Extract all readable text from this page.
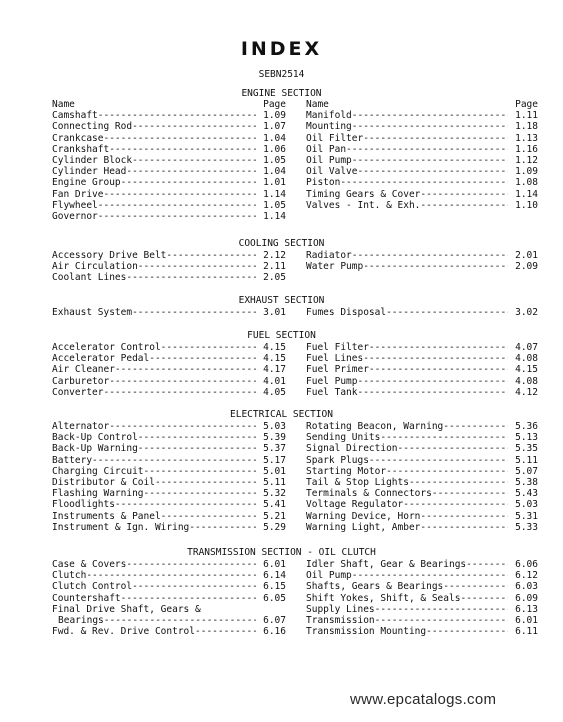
INDEX
SEBN2514
ENGINE SECTION
Name	Page
Camshaft -----	1.09
Connecting Rod -----	1.07
Crankcase -----	1.04
Crankshaft -----	1.06
Cylinder Block -----	1.05
Cylinder Head -----	1.04
Engine Group -----	1.01
Fan Drive -----	1.14
Flywheel -----	1.05
Governor -----	1.14
Name	Page
Manifold -----	1.11
Mounting -----	1.18
Oil Filter -----	1.13
Oil Pan -----	1.16
Oil Pump -----	1.12
Oil Valve -----	1.09
Piston -----	1.08
Timing Gears & Cover -----	1.14
Valves - Int. & Exh. -----	1.10
COOLING SECTION
Accessory Drive Belt -----	2.12
Air Circulation -----	2.11
Coolant Lines -----	2.05
Radiator -----	2.01
Water Pump -----	2.09
EXHAUST SECTION
Exhaust System -----	3.01 Fumes Disposal -----	3.02
FUEL SECTION
Accelerator Control -----	4.15
Accelerator Pedal -----	4.15
Air Cleaner -----	4.17
Carburetor -----	4.01
Converter -----	4.05
Fuel Filter -----	4.07
Fuel Lines -----	4.08
Fuel Primer -----	4.15
Fuel Pump -----	4.08
Fuel Tank -----	4.12
ELECTRICAL SECTION
Alternator -----	5.03
Back-Up Control -----	5.39
Back-Up Warning -----	5.37
Battery -----	5.17
Charging Circuit -----	5.01
Distributor & Coil -----	5.11
Flashing Warning -----	5.32
Floodlights -----	5.41
Instruments & Panel -----	5.21
Instrument & Ign. Wiring -----	5.29
Rotating Beacon, Warning -----	5.36
Sending Units -----	5.13
Signal Direction -----	5.35
Spark Plugs -----	5.11
Starting Motor -----	5.07
Tail & Stop Lights -----	5.38
Terminals & Connectors -----	5.43
Voltage Regulator -----	5.03
Warning Device, Horn -----	5.31
Warning Light, Amber -----	5.33
TRANSMISSION SECTION - OIL CLUTCH
Case & Covers -----	6.01
Clutch -----	6.14
Clutch Control -----	6.15
Countershaft -----	6.05
Final Drive Shaft, Gears &
Bearings -----	6.07
Fwd. & Rev. Drive Control -----	6.16
Idler Shaft, Gear & Bearings -----	6.06
Oil Pump -----	6.12
Shafts, Gears & Bearings -----	6.03
Shift Yokes, Shift, & Seals -----	6.09
Supply Lines -----	6.13
Transmission -----	6.01
Transmission Mounting -----	6.11
www.epcatalogs.com
